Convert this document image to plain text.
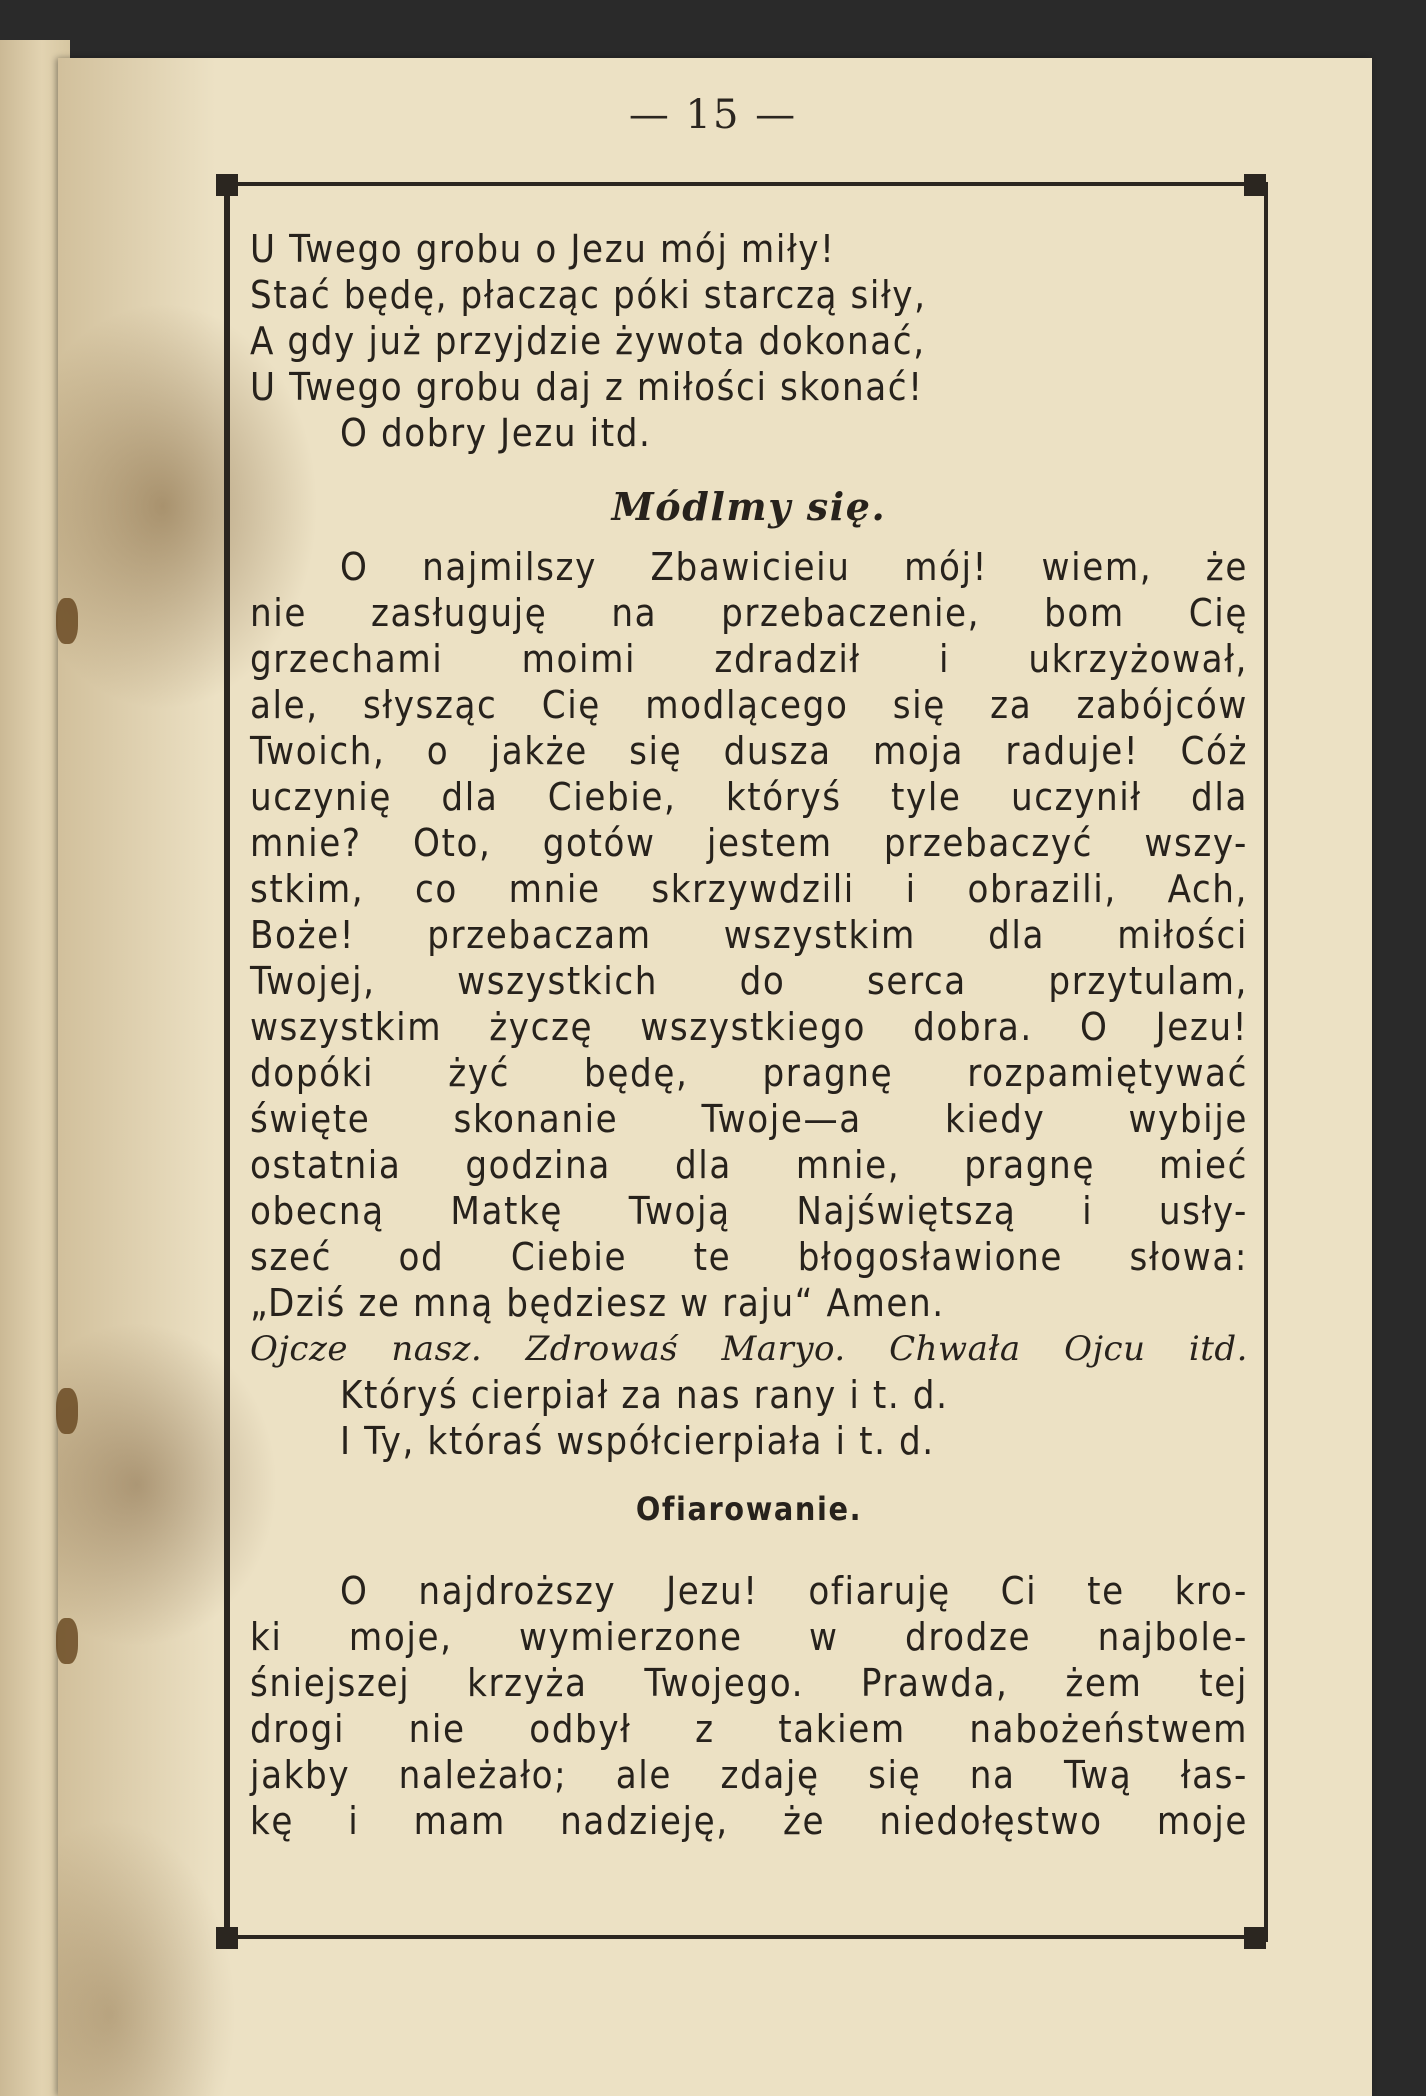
— 15 —
U Twego grobu o Jezu mój miły!
Stać będę, płacząc póki starczą siły,
A gdy już przyjdzie żywota dokonać,
U Twego grobu daj z miłości skonać!
O dobry Jezu itd.
Módlmy się.
O najmilszy Zbawicieiu mój! wiem, że
nie zasługuję na przebaczenie, bom Cię
grzechami moimi zdradził i ukrzyżował,
ale, słysząc Cię modlącego się za zabójców
Twoich, o jakże się dusza moja raduje! Cóż
uczynię dla Ciebie, któryś tyle uczynił dla
mnie? Oto, gotów jestem przebaczyć wszy-
stkim, co mnie skrzywdzili i obrazili, Ach,
Boże! przebaczam wszystkim dla miłości
Twojej, wszystkich do serca przytulam,
wszystkim życzę wszystkiego dobra. O Jezu!
dopóki żyć będę, pragnę rozpamiętywać
święte skonanie Twoje—a kiedy wybije
ostatnia godzina dla mnie, pragnę mieć
obecną Matkę Twoją Najświętszą i usły-
szeć od Ciebie te błogosławione słowa:
„Dziś ze mną będziesz w raju“ Amen.
Ojcze nasz. Zdrowaś Maryo. Chwała Ojcu itd.
Któryś cierpiał za nas rany i t. d.
I Ty, któraś współcierpiała i t. d.
Ofiarowanie.
O najdroższy Jezu! ofiaruję Ci te kro-
ki moje, wymierzone w drodze najbole-
śniejszej krzyża Twojego. Prawda, żem tej
drogi nie odbył z takiem nabożeństwem
jakby należało; ale zdaję się na Twą łas-
kę i mam nadzieję, że niedołęstwo moje
